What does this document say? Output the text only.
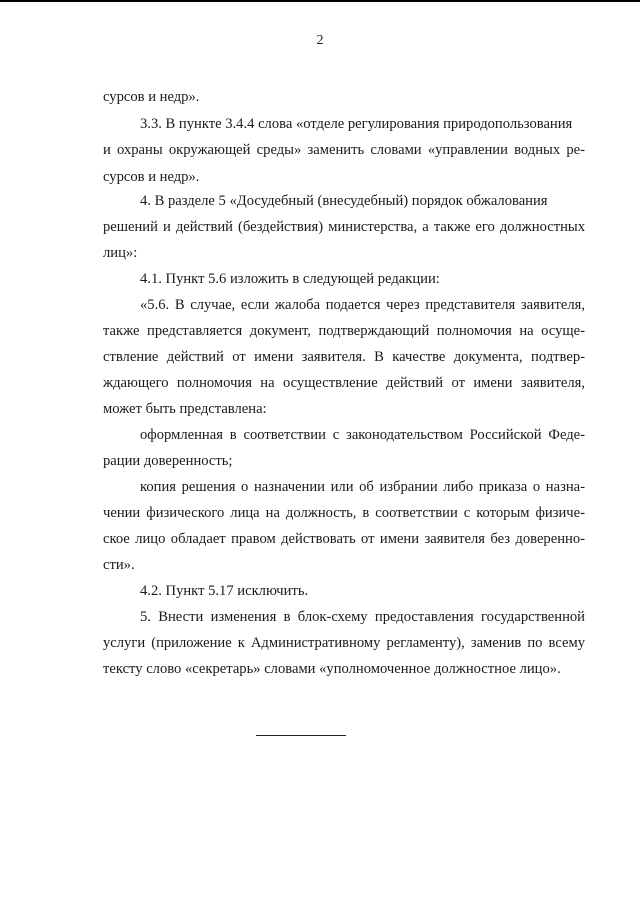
2
сурсов и недр».
3.3. В пункте 3.4.4 слова «отделе регулирования природопользования
и охраны окружающей среды» заменить словами «управлении водных ре-
сурсов и недр».
4. В разделе 5 «Досудебный (внесудебный) порядок обжалования
решений и действий (бездействия) министерства, а также его должностных
лиц»:
4.1. Пункт 5.6 изложить в следующей редакции:
«5.6. В случае, если жалоба подается через представителя заявителя,
также представляется документ, подтверждающий полномочия на осуще-
ствление действий от имени заявителя. В качестве документа, подтвер-
ждающего полномочия на осуществление действий от имени заявителя,
может быть представлена:
оформленная в соответствии с законодательством Российской Феде-
рации доверенность;
копия решения о назначении или об избрании либо приказа о назна-
чении физического лица на должность, в соответствии с которым физиче-
ское лицо обладает правом действовать от имени заявителя без доверенно-
сти».
4.2. Пункт 5.17 исключить.
5. Внести изменения в блок-схему предоставления государственной
услуги (приложение к Административному регламенту), заменив по всему
тексту слово «секретарь» словами «уполномоченное должностное лицо».
